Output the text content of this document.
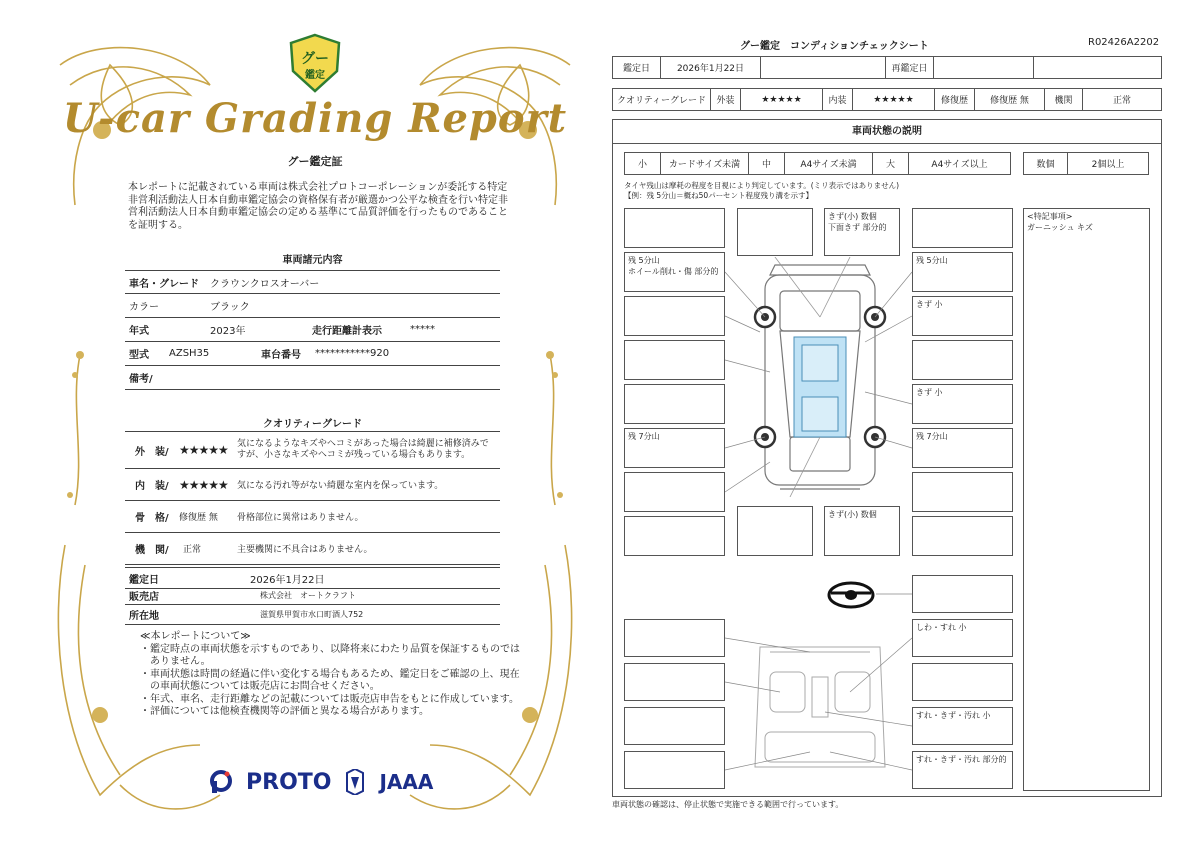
グー
鑑定
U-car Grading Report
グー鑑定証
本レポートに記載されている車両は株式会社プロトコーポレーションが委託する特定非営利活動法人日本自動車鑑定協会の資格保有者が厳選かつ公平な検査を行い特定非営利活動法人日本自動車鑑定協会の定める基準にて品質評価を行ったものであることを証明する。
車両諸元内容
車名・グレード	クラウンクロスオーバー
カラー	ブラック
年式	2023年	走行距離計表示	*****
型式	AZSH35	車台番号	***********920
備考/
クオリティーグレード
外　装/ ★★★★★	気になるようなキズやヘコミがあった場合は綺麗に補修済みですが、小さなキズやヘコミが残っている場合もあります。
内　装/ ★★★★★	気になる汚れ等がない綺麗な室内を保っています。
骨　格/	修復歴 無	骨格部位に異常はありません。
機　関/	正常	主要機関に不具合はありません。
鑑定日	2026年1月22日
販売店	株式会社　オートクラフト
所在地	滋賀県甲賀市水口町酒人752
≪本レポートについて≫
・鑑定時点の車両状態を示すものであり、以降将来にわたり品質を保証するものではありません。
・車両状態は時間の経過に伴い変化する場合もあるため、鑑定日をご確認の上、現在の車両状態については販売店にお問合せください。
・年式、車名、走行距離などの記載については販売店申告をもとに作成しています。
・評価については他検査機関等の評価と異なる場合があります。
PROTO JAAA
グー鑑定　コンディションチェックシート	R02426A2202
鑑定日	2026年1月22日		再鑑定日		
クオリティーグレード	外装	★★★★★	内装	★★★★★	修復歴	修復歴 無	機関	正常
車両状態の説明
小	カードサイズ未満	中	A4サイズ未満	大	A4サイズ以上	数個	2個以上
タイヤ残山は摩耗の程度を目視により判定しています。(ミリ表示ではありません)
【例：残 5分山＝概ね50パーセント程度残り溝を示す】
<特記事項>
ガーニッシュ キズ
残 5分山
ホイール削れ・傷 部分的
残 7分山
きず(小) 数個
下面きず 部分的
きず(小) 数個
残 5分山
きず 小
きず 小
残 7分山
しわ・すれ 小
すれ・きず・汚れ 小
すれ・きず・汚れ 部分的
車両状態の確認は、停止状態で実施できる範囲で行っています。
